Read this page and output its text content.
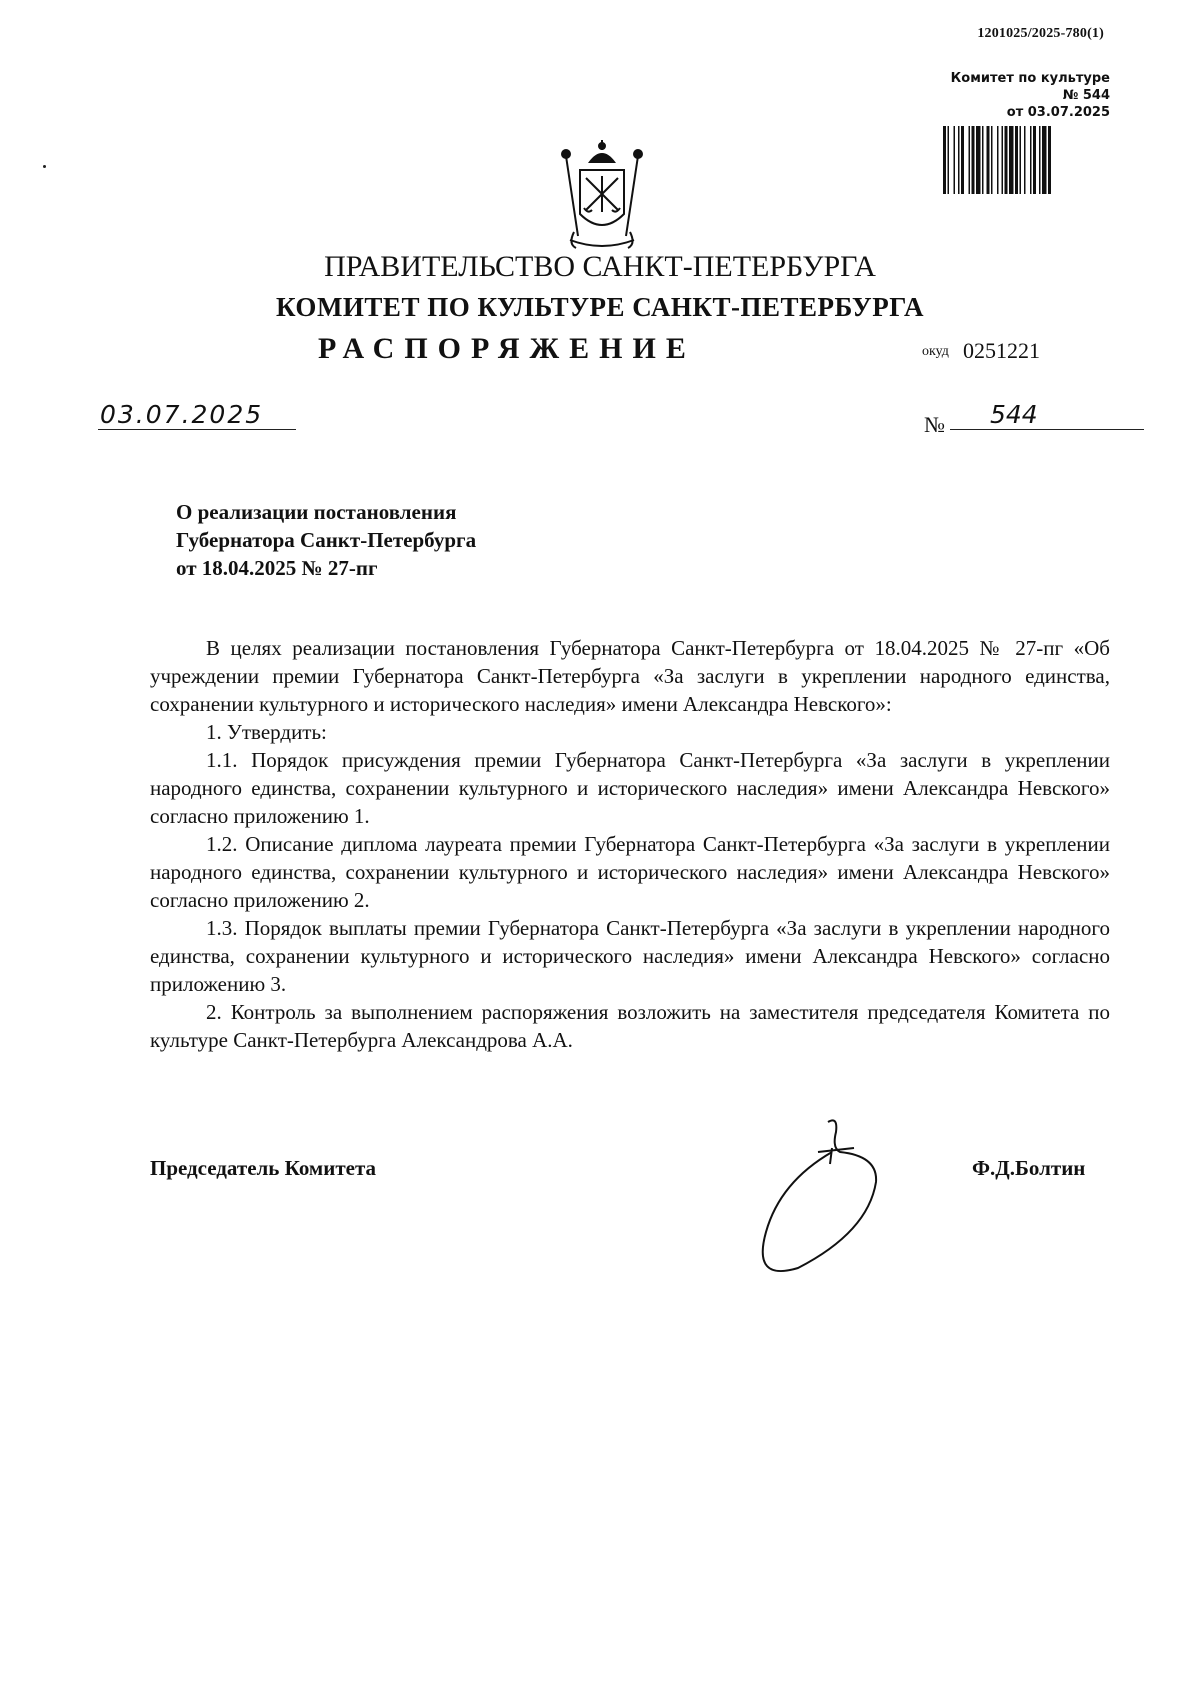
1201025/2025-780(1)
Комитет по культуре
№ 544
от 03.07.2025
ПРАВИТЕЛЬСТВО САНКТ-ПЕТЕРБУРГА
КОМИТЕТ ПО КУЛЬТУРЕ САНКТ-ПЕТЕРБУРГА
РАСПОРЯЖЕНИЕ	окуд 0251221
03.07.2025	№	544
О реализации постановления
Губернатора Санкт-Петербурга
от 18.04.2025 № 27-пг

В целях реализации постановления Губернатора Санкт-Петербурга от 18.04.2025 № 27-пг «Об учреждении премии Губернатора Санкт-Петербурга «За заслуги в укреплении народного единства, сохранении культурного и исторического наследия» имени Александра Невского»:

1. Утвердить:

1.1. Порядок присуждения премии Губернатора Санкт-Петербурга «За заслуги в укреплении народного единства, сохранении культурного и исторического наследия» имени Александра Невского» согласно приложению 1.

1.2. Описание диплома лауреата премии Губернатора Санкт-Петербурга «За заслуги в укреплении народного единства, сохранении культурного и исторического наследия» имени Александра Невского» согласно приложению 2.

1.3. Порядок выплаты премии Губернатора Санкт-Петербурга «За заслуги в укреплении народного единства, сохранении культурного и исторического наследия» имени Александра Невского» согласно приложению 3.

2. Контроль за выполнением распоряжения возложить на заместителя председателя Комитета по культуре Санкт-Петербурга Александрова А.А.

Председатель Комитета	Ф.Д.Болтин
